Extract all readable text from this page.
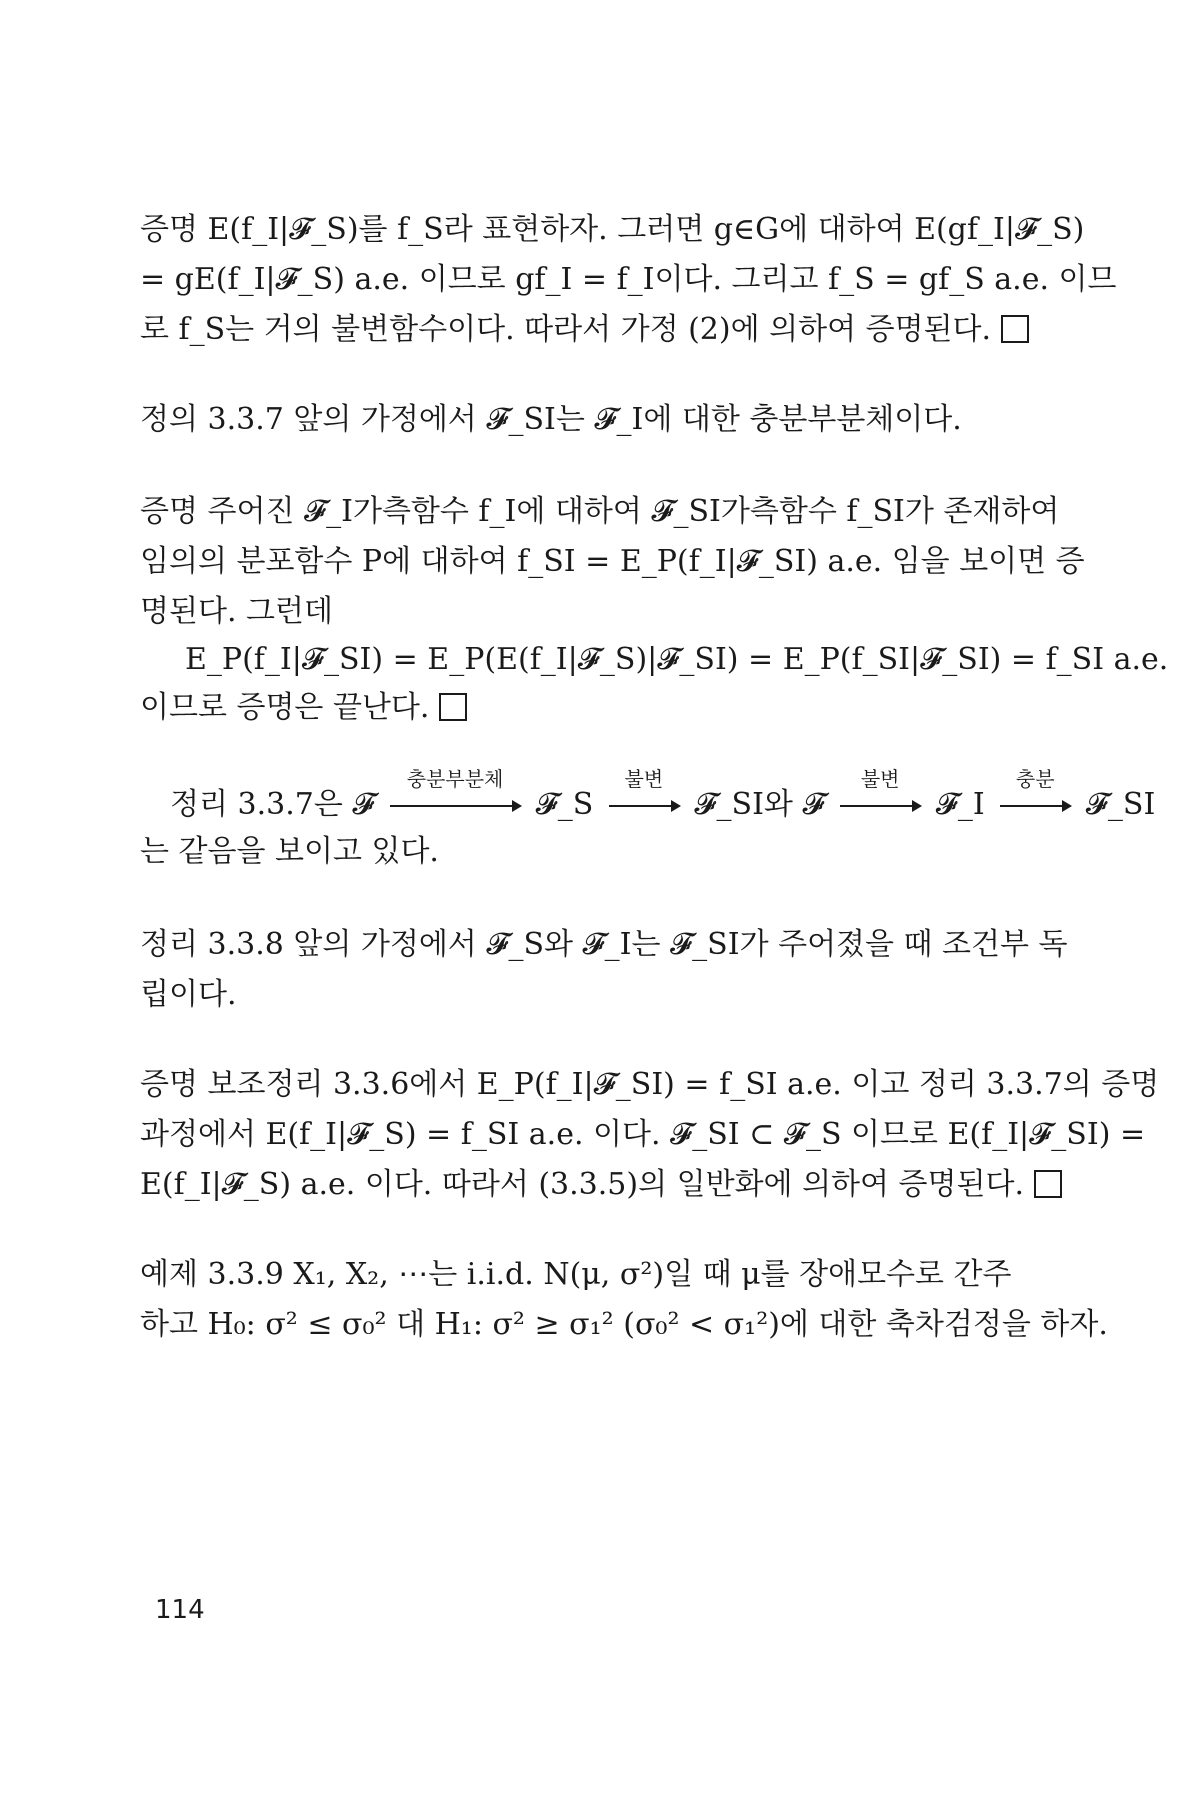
증명 E(f_I|𝓕_S)를 f_S라 표현하자. 그러면 g∈G에 대하여 E(gf_I|𝓕_S)
= gE(f_I|𝓕_S) a.e. 이므로 gf_I = f_I이다. 그리고 f_S = gf_S a.e. 이므
로 f_S는 거의 불변함수이다. 따라서 가정 (2)에 의하여 증명된다.
정의 3.3.7 앞의 가정에서 𝓕_SI는 𝓕_I에 대한 충분부분체이다.
증명 주어진 𝓕_I가측함수 f_I에 대하여 𝓕_SI가측함수 f_SI가 존재하여
임의의 분포함수 P에 대하여 f_SI = E_P(f_I|𝓕_SI) a.e. 임을 보이면 증
명된다. 그런데
E_P(f_I|𝓕_SI) = E_P(E(f_I|𝓕_S)|𝓕_SI) = E_P(f_SI|𝓕_SI) = f_SI a.e.
이므로 증명은 끝난다.
정리 3.3.7은 𝓕
충분부분체
𝓕_S
불변
𝓕_SI와 𝓕
불변
𝓕_I
충분
𝓕_SI
는 같음을 보이고 있다.
정리 3.3.8 앞의 가정에서 𝓕_S와 𝓕_I는 𝓕_SI가 주어졌을 때 조건부 독
립이다.
증명 보조정리 3.3.6에서 E_P(f_I|𝓕_SI) = f_SI a.e. 이고 정리 3.3.7의 증명
과정에서 E(f_I|𝓕_S) = f_SI a.e. 이다. 𝓕_SI ⊂ 𝓕_S 이므로 E(f_I|𝓕_SI) =
E(f_I|𝓕_S) a.e. 이다. 따라서 (3.3.5)의 일반화에 의하여 증명된다.
예제 3.3.9 X₁, X₂, ⋯는 i.i.d. N(μ, σ²)일 때 μ를 장애모수로 간주
하고 H₀: σ² ≤ σ₀² 대 H₁: σ² ≥ σ₁² (σ₀² < σ₁²)에 대한 축차검정을 하자.
114
